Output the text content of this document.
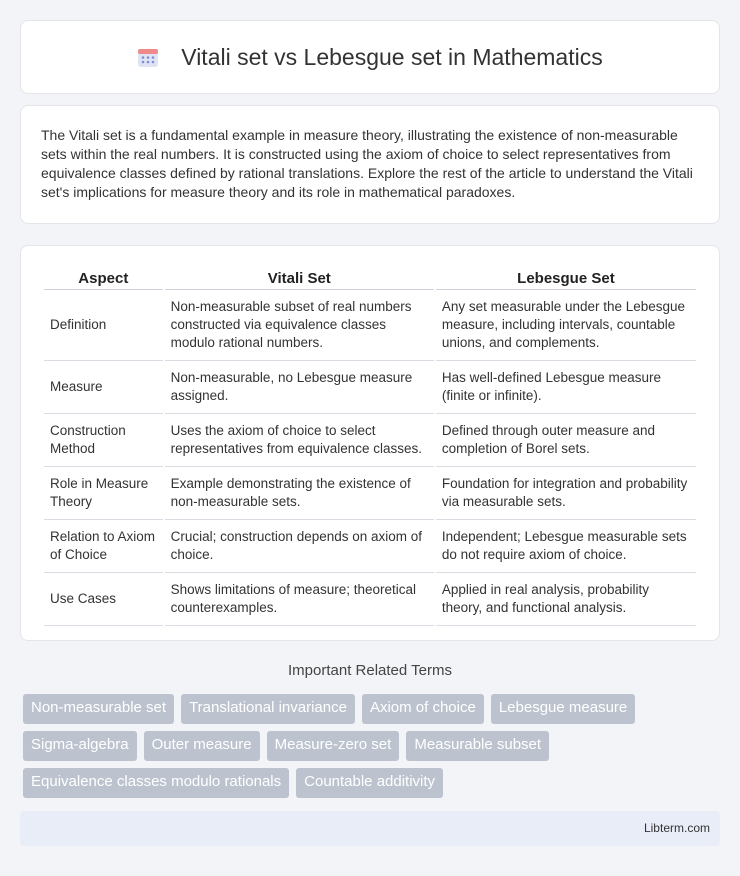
Vitali set vs Lebesgue set in Mathematics

The Vitali set is a fundamental example in measure theory, illustrating the existence of non-measurable sets within the real numbers. It is constructed using the axiom of choice to select representatives from equivalence classes defined by rational translations. Explore the rest of the article to understand the Vitali set's implications for measure theory and its role in mathematical paradoxes.

Aspect	Vitali Set	Lebesgue Set
Definition	Non-measurable subset of real numbers constructed via equivalence classes modulo rational numbers.	Any set measurable under the Lebesgue measure, including intervals, countable unions, and complements.
Measure	Non-measurable, no Lebesgue measure assigned.	Has well-defined Lebesgue measure (finite or infinite).
Construction Method	Uses the axiom of choice to select representatives from equivalence classes.	Defined through outer measure and completion of Borel sets.
Role in Measure Theory	Example demonstrating the existence of non-measurable sets.	Foundation for integration and probability via measurable sets.
Relation to Axiom of Choice	Crucial; construction depends on axiom of choice.	Independent; Lebesgue measurable sets do not require axiom of choice.
Use Cases	Shows limitations of measure; theoretical counterexamples.	Applied in real analysis, probability theory, and functional analysis.
Important Related Terms
Non-measurable set	Translational invariance	Axiom of choice	Lebesgue measure
Sigma-algebra	Outer measure	Measure-zero set	Measurable subset
Equivalence classes modulo rationals	Countable additivity
Libterm.com
